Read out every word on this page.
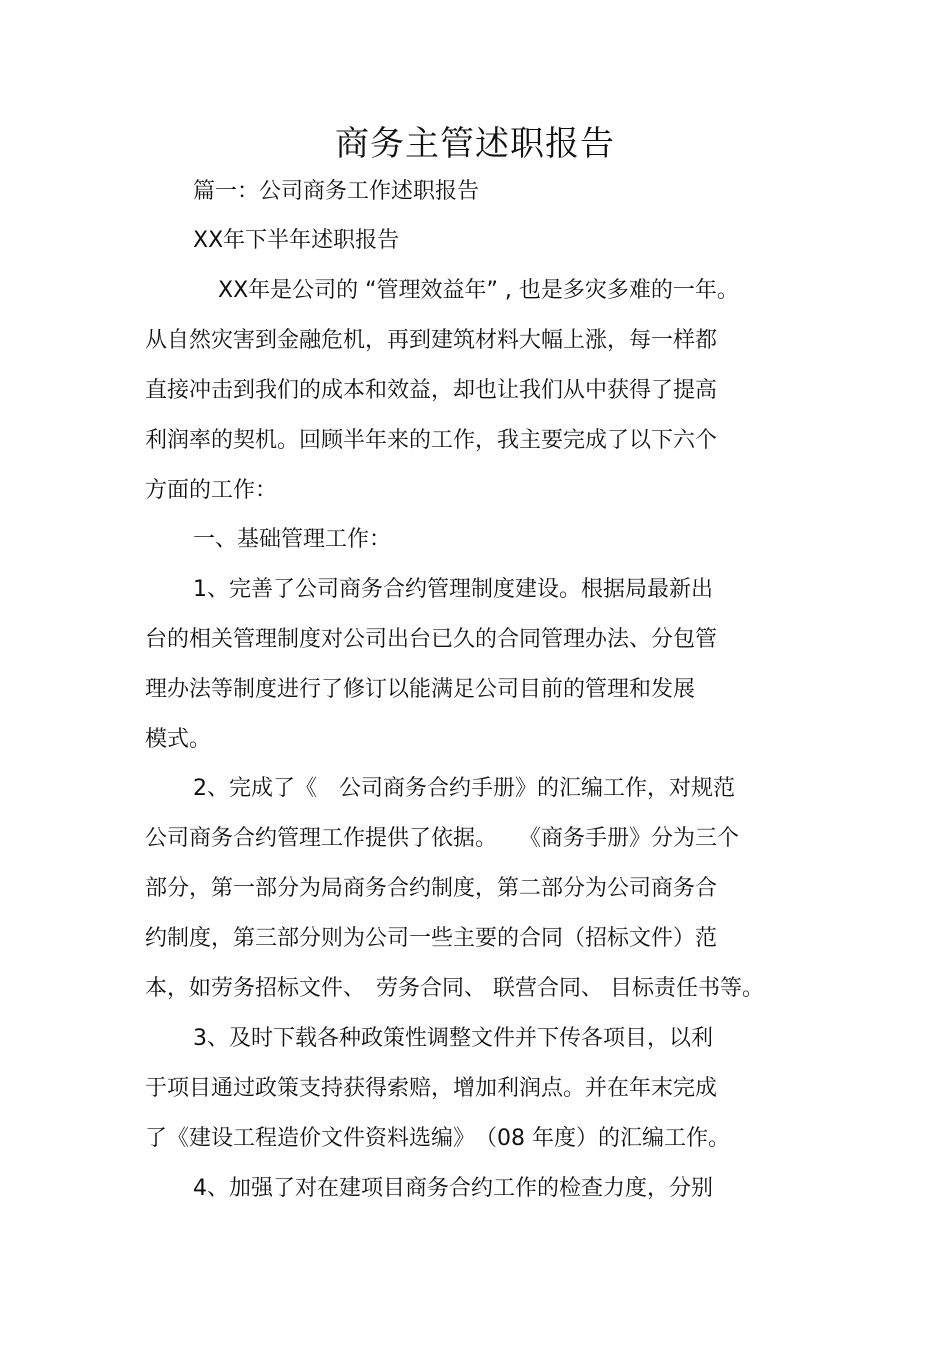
商务主管述职报告
篇一：公司商务工作述职报告
XX年下半年述职报告
XX年是公司的 “管理效益年” , 也是多灾多难的一年。
从自然灾害到金融危机，再到建筑材料大幅上涨，每一样都
直接冲击到我们的成本和效益，却也让我们从中获得了提高
利润率的契机。回顾半年来的工作，我主要完成了以下六个
方面的工作：
一、基础管理工作：
1、完善了公司商务合约管理制度建设。根据局最新出
台的相关管理制度对公司出台已久的合同管理办法、分包管
理办法等制度进行了修订以能满足公司目前的管理和发展
模式。
2、完成了《　公司商务合约手册》的汇编工作，对规范
公司商务合约管理工作提供了依据。　　《商务手册》分为三个
部分，第一部分为局商务合约制度，第二部分为公司商务合
约制度，第三部分则为公司一些主要的合同（招标文件）范
本，如劳务招标文件、　劳务合同、 联营合同、 目标责任书等。
3、及时下载各种政策性调整文件并下传各项目，以利
于项目通过政策支持获得索赔，增加利润点。并在年末完成
了《建设工程造价文件资料选编》　（08 年度）的汇编工作。
4、加强了对在建项目商务合约工作的检查力度，分别
